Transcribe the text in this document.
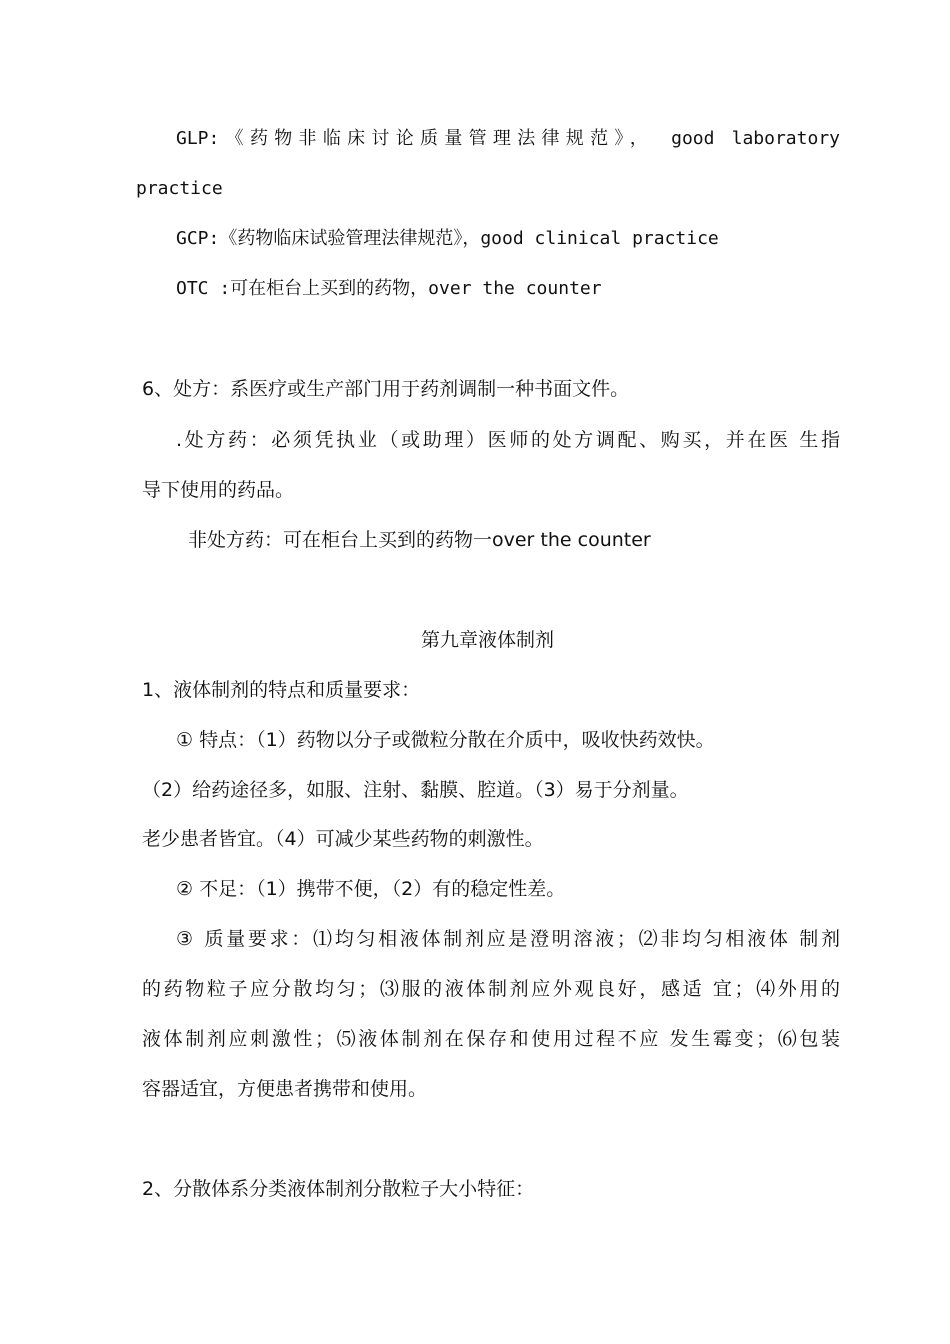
GLP:《药物非临床讨论质量管理法律规范》， good laboratory
practice
GCP:《药物临床试验管理法律规范》，good clinical practice
OTC :可在柜台上买到的药物，over the counter
6、处方：系医疗或生产部门用于药剂调制一种书面文件。
.处方药：必须凭执业（或助理）医师的处方调配、购买，并在医 生指
导下使用的药品。
非处方药：可在柜台上买到的药物一over the counter
第九章液体制剂
1、液体制剂的特点和质量要求：
① 特点：（1）药物以分子或微粒分散在介质中，吸收快药效快。
（2）给药途径多，如服、注射、黏膜、腔道。（3）易于分剂量。
老少患者皆宜。（4）可减少某些药物的刺激性。
② 不足：（1）携带不便，（2）有的稳定性差。
③ 质量要求：⑴均匀相液体制剂应是澄明溶液；⑵非均匀相液体 制剂
的药物粒子应分散均匀；⑶服的液体制剂应外观良好，感适 宜；⑷外用的
液体制剂应刺激性；⑸液体制剂在保存和使用过程不应 发生霉变；⑹包装
容器适宜，方便患者携带和使用。
2、分散体系分类液体制剂分散粒子大小特征：
